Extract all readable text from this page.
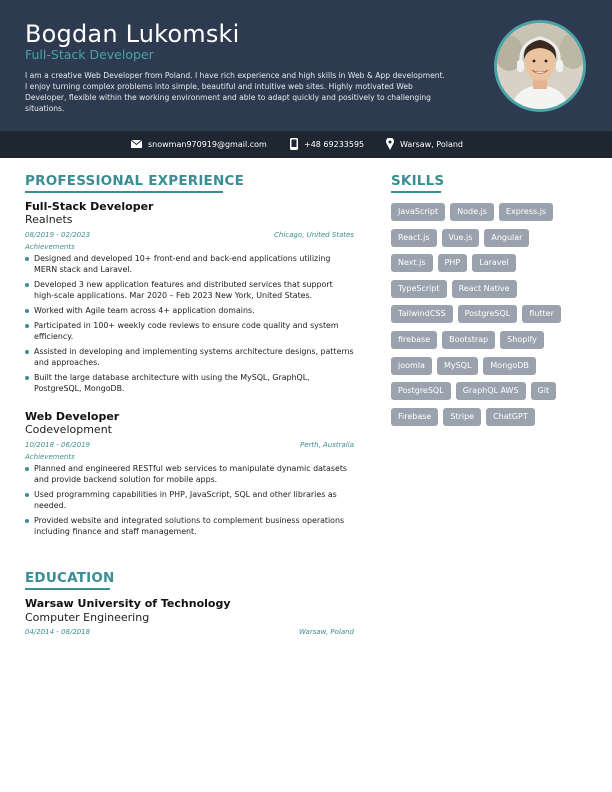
Bogdan Lukomski
Full-Stack Developer
I am a creative Web Developer from Poland. I have rich experience and high skills in Web & App development. I enjoy turning complex problems into simple, beautiful and intuitive web sites. Highly motivated Web Developer, flexible within the working environment and able to adapt quickly and positively to challenging situations.
snowman970919@gmail.com	+48 69233595	Warsaw, Poland
PROFESSIONAL EXPERIENCE
Full-Stack Developer
Realnets
08/2019 - 02/2023	Chicago, United States
Achievements
Designed and developed 10+ front-end and back-end applications utilizing MERN stack and Laravel.
Developed 3 new application features and distributed services that support high-scale applications. Mar 2020 – Feb 2023 New York, United States.
Worked with Agile team across 4+ application domains.
Participated in 100+ weekly code reviews to ensure code quality and system efficiency.
Assisted in developing and implementing systems architecture designs, patterns and approaches.
Built the large database architecture with using the MySQL, GraphQL, PostgreSQL, MongoDB.
Web Developer
Codevelopment
10/2018 - 06/2019	Perth, Australia
Achievements
Planned and engineered RESTful web services to manipulate dynamic datasets and provide backend solution for mobile apps.
Used programming capabilities in PHP, JavaScript, SQL and other libraries as needed.
Provided website and integrated solutions to complement business operations including finance and staff management.
EDUCATION
Warsaw University of Technology
Computer Engineering
04/2014 - 08/2018	Warsaw, Poland
SKILLS
JavaScript	Node.js	Express.js
React.js	Vue.js	Angular
Next.js	PHP	Laravel
TypeScript	React Native
TailwindCSS	PostgreSQL	flutter
firebase	Bootstrap	Shopify
joomla	MySQL	MongoDB
PostgreSQL	GraphQL AWS	Git
Firebase	Stripe	ChatGPT
